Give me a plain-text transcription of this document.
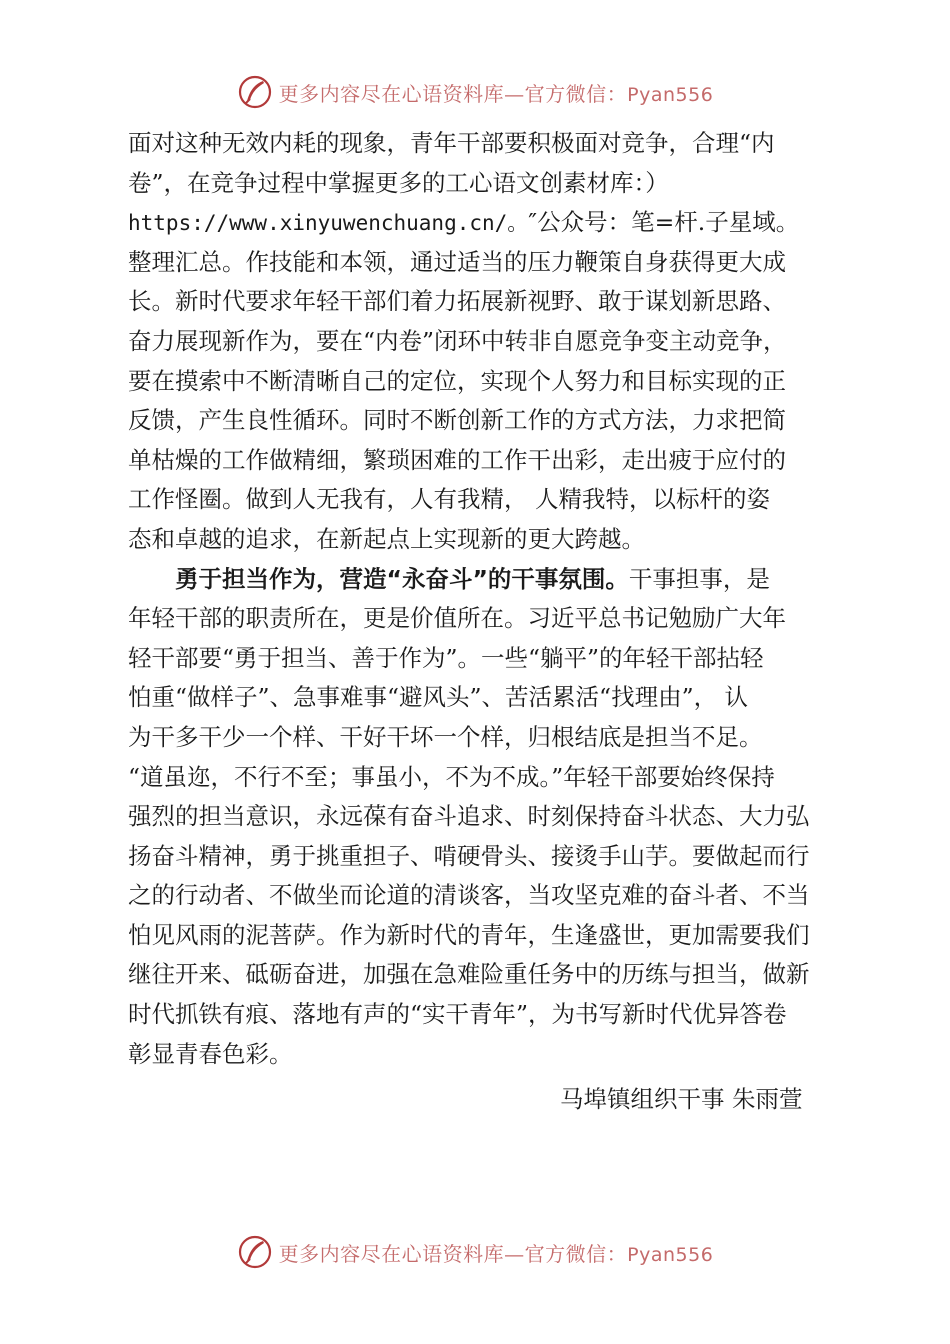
更多内容尽在心语资料库—官方微信：Pyan556
面对这种无效内耗的现象，青年干部要积极面对竞争，合理“内
卷”，在竞争过程中掌握更多的工心语文创素材库：）
https://www.xinyuwenchuang.cn/。″公众号：笔=杆.子星域。
整理汇总。作技能和本领，通过适当的压力鞭策自身获得更大成
长。新时代要求年轻干部们着力拓展新视野、敢于谋划新思路、
奋力展现新作为，要在“内卷”闭环中转非自愿竞争变主动竞争，
要在摸索中不断清晰自己的定位，实现个人努力和目标实现的正
反馈，产生良性循环。同时不断创新工作的方式方法，力求把简
单枯燥的工作做精细，繁琐困难的工作干出彩，走出疲于应付的
工作怪圈。做到人无我有，人有我精， 人精我特，以标杆的姿
态和卓越的追求，在新起点上实现新的更大跨越。
勇于担当作为，营造“永奋斗”的干事氛围。干事担事，是
年轻干部的职责所在，更是价值所在。习近平总书记勉励广大年
轻干部要“勇于担当、善于作为”。一些“躺平”的年轻干部拈轻
怕重“做样子”、急事难事“避风头”、苦活累活“找理由”， 认
为干多干少一个样、干好干坏一个样，归根结底是担当不足。
“道虽迩，不行不至；事虽小，不为不成。”年轻干部要始终保持
强烈的担当意识，永远葆有奋斗追求、时刻保持奋斗状态、大力弘
扬奋斗精神，勇于挑重担子、啃硬骨头、接烫手山芋。要做起而行
之的行动者、不做坐而论道的清谈客，当攻坚克难的奋斗者、不当
怕见风雨的泥菩萨。作为新时代的青年，生逢盛世，更加需要我们
继往开来、砥砺奋进，加强在急难险重任务中的历练与担当，做新
时代抓铁有痕、落地有声的“实干青年”，为书写新时代优异答卷
彰显青春色彩。
马埠镇组织干事 朱雨萱
更多内容尽在心语资料库—官方微信：Pyan556
